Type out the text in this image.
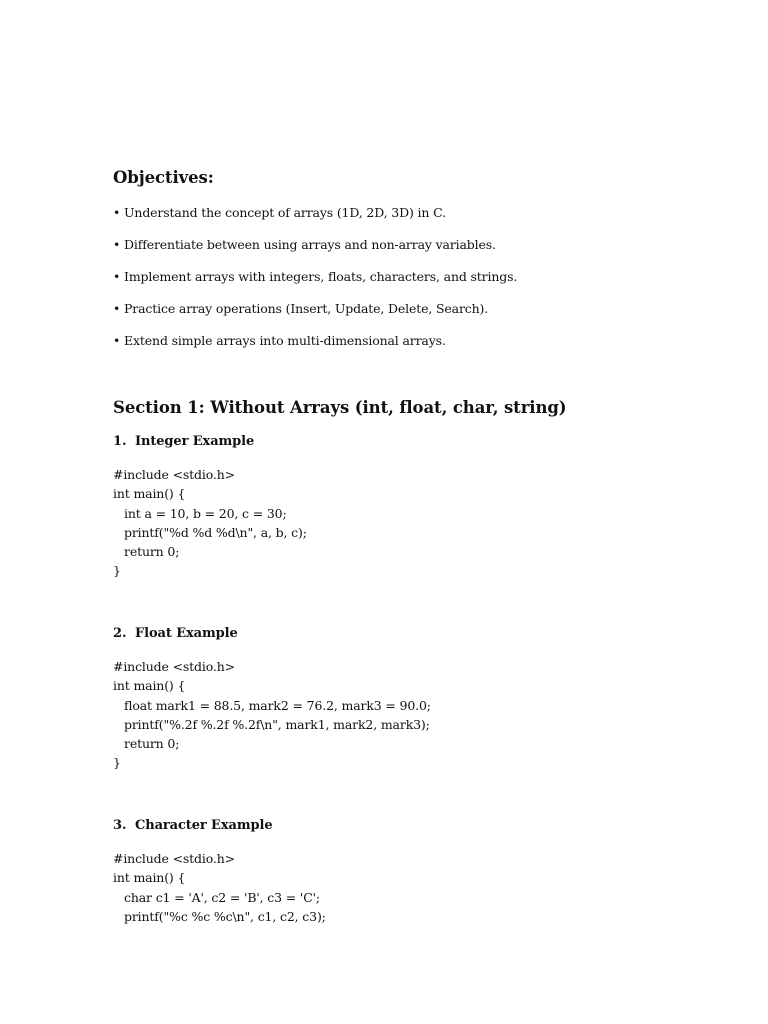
Objectives:
• Understand the concept of arrays (1D, 2D, 3D) in C.
• Differentiate between using arrays and non-array variables.
• Implement arrays with integers, floats, characters, and strings.
• Practice array operations (Insert, Update, Delete, Search).
• Extend simple arrays into multi-dimensional arrays.
Section 1: Without Arrays (int, float, char, string)
1. Integer Example
#include <stdio.h>
int main() {
int a = 10, b = 20, c = 30;
printf("%d %d %d\n", a, b, c);
return 0;
}
2. Float Example
#include <stdio.h>
int main() {
float mark1 = 88.5, mark2 = 76.2, mark3 = 90.0;
printf("%.2f %.2f %.2f\n", mark1, mark2, mark3);
return 0;
}
3. Character Example
#include <stdio.h>
int main() {
char c1 = 'A', c2 = 'B', c3 = 'C';
printf("%c %c %c\n", c1, c2, c3);
